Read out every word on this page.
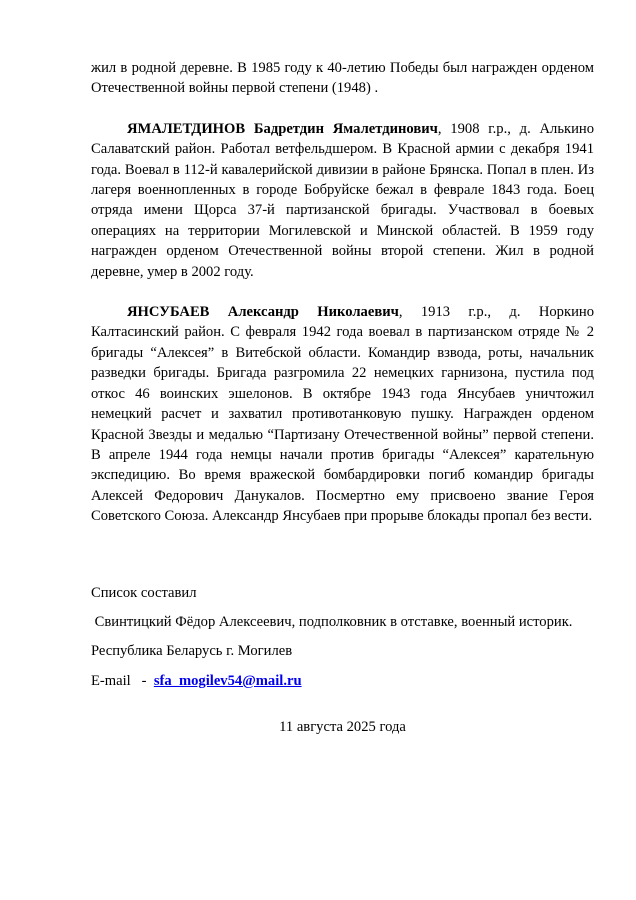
жил в родной деревне. В 1985 году к 40-летию Победы был награжден орденом Отечественной войны первой степени (1948) .

ЯМАЛЕТДИНОВ Бадретдин Ямалетдинович, 1908 г.р., д. Алькино Салаватский район. Работал ветфельдшером. В Красной армии с декабря 1941 года. Воевал в 112-й кавалерийской дивизии в районе Брянска. Попал в плен. Из лагеря военнопленных в городе Бобруйске бежал в феврале 1843 года. Боец отряда имени Щорса 37-й партизанской бригады. Участвовал в боевых операциях на территории Могилевской и Минской областей. В 1959 году награжден орденом Отечественной войны второй степени. Жил в родной деревне, умер в 2002 году.

ЯНСУБАЕВ Александр Николаевич, 1913 г.р., д. Норкино Калтасинский район. С февраля 1942 года воевал в партизанском отряде № 2 бригады “Алексея” в Витебской области. Командир взвода, роты, начальник разведки бригады. Бригада разгромила 22 немецких гарнизона, пустила под откос 46 воинских эшелонов. В октябре 1943 года Янсубаев уничтожил немецкий расчет и захватил противотанковую пушку. Награжден орденом Красной Звезды и медалью “Партизану Отечественной войны” первой степени. В апреле 1944 года немцы начали против бригады “Алексея” карательную экспедицию. Во время вражеской бомбардировки погиб командир бригады Алексей Федорович Данукалов. Посмертно ему присвоено звание Героя Советского Союза. Александр Янсубаев при прорыве блокады пропал без вести.

Список составил

Свинтицкий Фёдор Алексеевич, подполковник в отставке, военный историк.

Республика Беларусь г. Могилев

E-mail   -  sfa_mogilev54@mail.ru

11 августа 2025 года
